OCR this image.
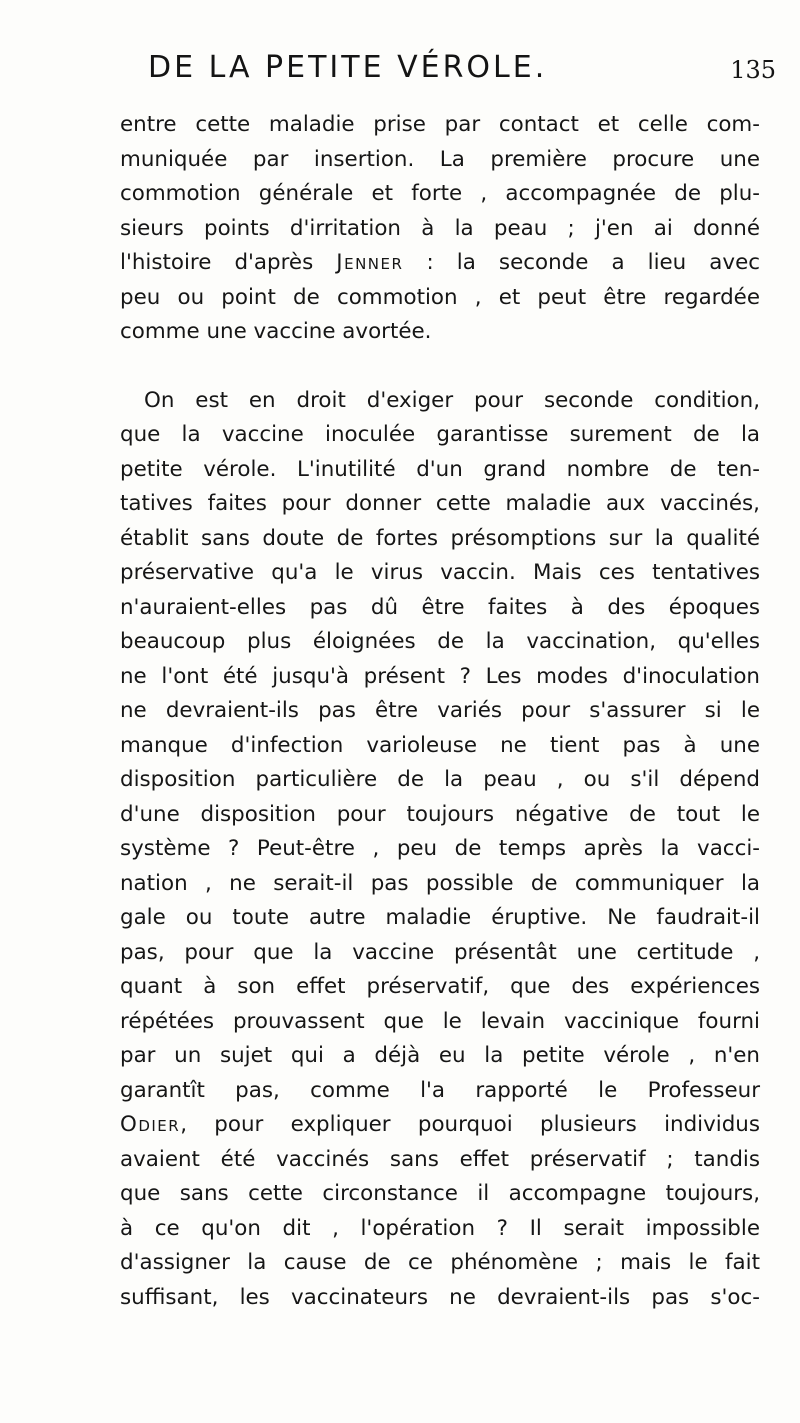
DE LA PETITE VÉROLE.	135
entre cette maladie prise par contact et celle com-
muniquée par insertion. La première procure une
commotion générale et forte , accompagnée de plu-
sieurs points d'irritation à la peau ; j'en ai donné
l'histoire d'après Jenner : la seconde a lieu avec
peu ou point de commotion , et peut être regardée
comme une vaccine avortée.
On est en droit d'exiger pour seconde condition,
que la vaccine inoculée garantisse surement de la
petite vérole. L'inutilité d'un grand nombre de ten-
tatives faites pour donner cette maladie aux vaccinés,
établit sans doute de fortes présomptions sur la qualité
préservative qu'a le virus vaccin. Mais ces tentatives
n'auraient-elles pas dû être faites à des époques
beaucoup plus éloignées de la vaccination, qu'elles
ne l'ont été jusqu'à présent ? Les modes d'inoculation
ne devraient-ils pas être variés pour s'assurer si le
manque d'infection varioleuse ne tient pas à une
disposition particulière de la peau , ou s'il dépend
d'une disposition pour toujours négative de tout le
système ? Peut-être , peu de temps après la vacci-
nation , ne serait-il pas possible de communiquer la
gale ou toute autre maladie éruptive. Ne faudrait-il
pas, pour que la vaccine présentât une certitude ,
quant à son effet préservatif, que des expériences
répétées prouvassent que le levain vaccinique fourni
par un sujet qui a déjà eu la petite vérole , n'en
garantît pas, comme l'a rapporté le Professeur
Odier, pour expliquer pourquoi plusieurs individus
avaient été vaccinés sans effet préservatif ; tandis
que sans cette circonstance il accompagne toujours,
à ce qu'on dit , l'opération ? Il serait impossible
d'assigner la cause de ce phénomène ; mais le fait
suffisant, les vaccinateurs ne devraient-ils pas s'oc-
